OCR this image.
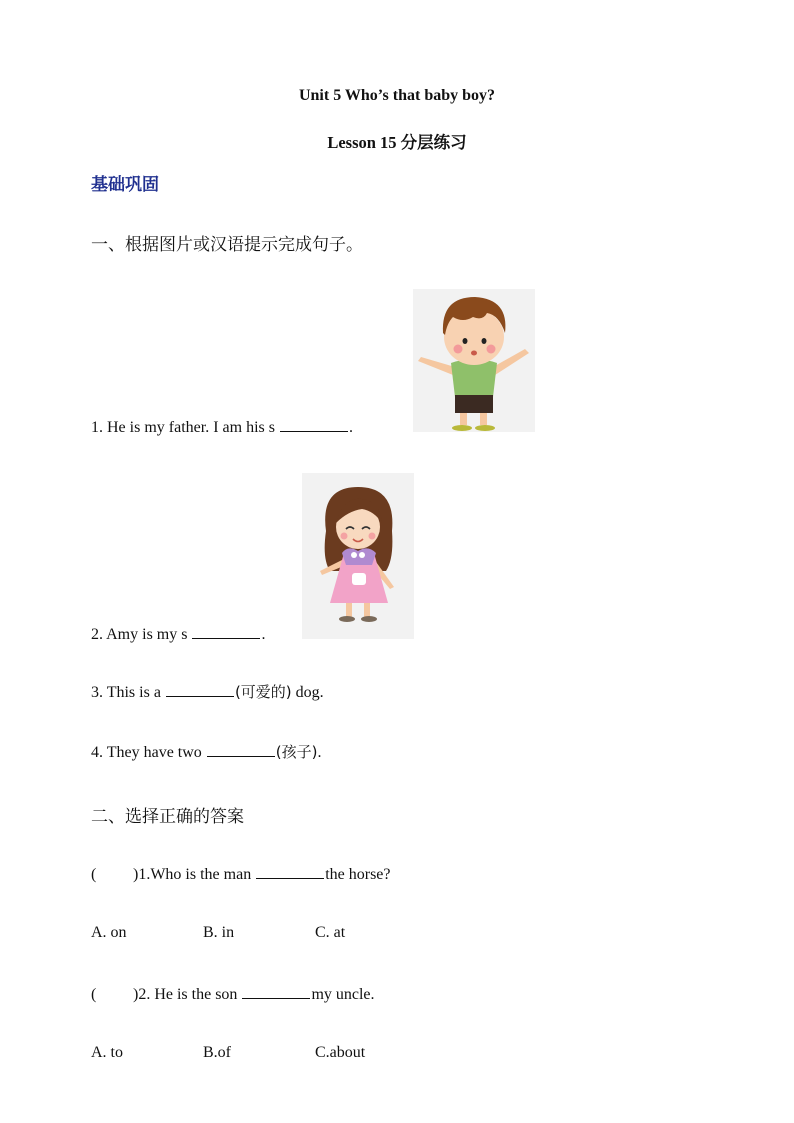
Unit 5 Who’s that baby boy?
Lesson 15 分层练习
基础巩固
一、根据图片或汉语提示完成句子。
1. He is my father. I am his s	.
2. Amy is my s	.
3. This is a	(可爱的) dog.
4. They have two	(孩子).
二、选择正确的答案
( )1.Who is the man	the horse?
A. on	B. in	C. at
( )2. He is the son	my uncle.
A. to	B.of	C.about
